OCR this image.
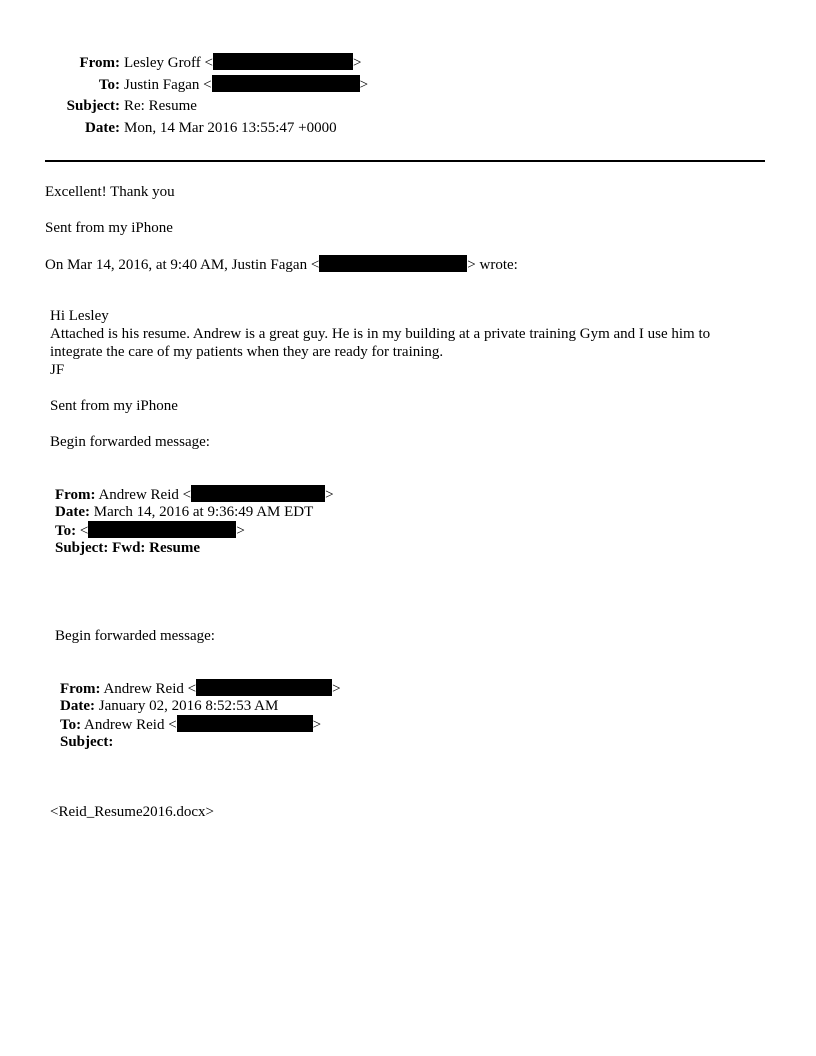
From: Lesley Groff <	>
To: Justin Fagan <	>
Subject: Re: Resume
Date: Mon, 14 Mar 2016 13:55:47 +0000
Excellent! Thank you
Sent from my iPhone
On Mar 14, 2016, at 9:40 AM, Justin Fagan <	> wrote:
Hi Lesley
Attached is his resume. Andrew is a great guy. He is in my building at a private training Gym and I use him to
integrate the care of my patients when they are ready for training.
JF
Sent from my iPhone
Begin forwarded message:
From: Andrew Reid <	>
Date: March 14, 2016 at 9:36:49 AM EDT
To: <	>
Subject: Fwd: Resume
Begin forwarded message:
From: Andrew Reid <	>
Date: January 02, 2016 8:52:53 AM
To: Andrew Reid <	>
Subject:
<Reid_Resume2016.docx>
